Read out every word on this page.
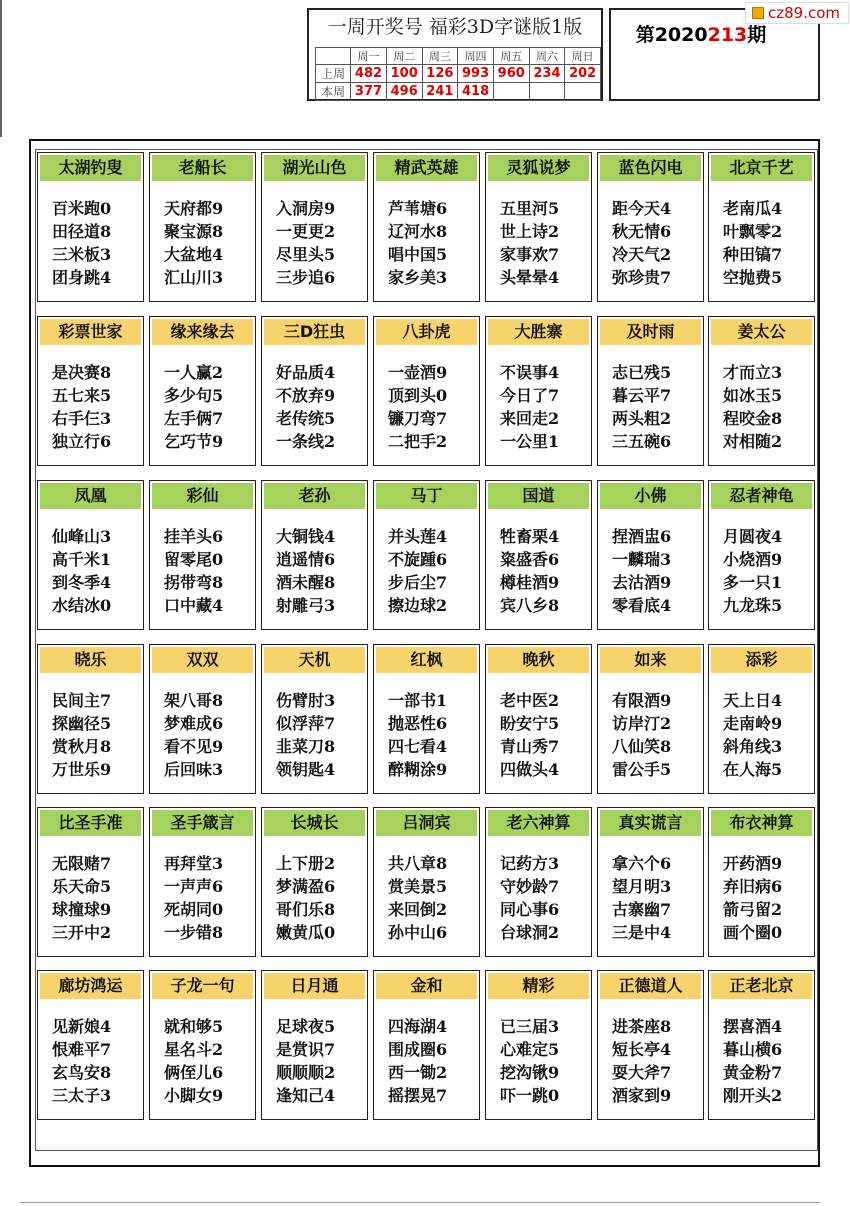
一周开奖号 福彩3D字谜版1版
	周一	周二	周三	周四	周五	周六	周日
上周	482	100	126	993	960	234	202
本周	377	496	241	418			
第2020213期
cz89.com
太湖钓叟
百米跑0
田径道8
三米板3
团身跳4
老船长
天府都9
聚宝源8
大盆地4
汇山川3
湖光山色
入洞房9
一更更2
尽里头5
三步追6
精武英雄
芦苇塘6
辽河水8
唱中国5
家乡美3
灵狐说梦
五里河5
世上诗2
家事欢7
头晕晕4
蓝色闪电
距今天4
秋无情6
冷天气2
弥珍贵7
北京千艺
老南瓜4
叶飘零2
种田镐7
空抛费5
彩票世家
是决赛8
五七来5
右手仨3
独立行6
缘来缘去
一人赢2
多少句5
左手俩7
乞巧节9
三D狂虫
好品质4
不放弃9
老传统5
一条线2
八卦虎
一壶酒9
顶到头0
镰刀弯7
二把手2
大胜寨
不误事4
今日了7
来回走2
一公里1
及时雨
志已残5
暮云平7
两头粗2
三五碗6
姜太公
才而立3
如冰玉5
程咬金8
对相随2
凤凰
仙峰山3
高千米1
到冬季4
水结冰0
彩仙
挂羊头6
留零尾0
拐带弯8
口中藏4
老孙
大铜钱4
逍遥情6
酒未醒8
射雕弓3
马丁
并头莲4
不旋踵6
步后尘7
擦边球2
国道
牲畜栗4
粢盛香6
樽桂酒9
宾八乡8
小佛
捏酒盅6
一麟瑞3
去沽酒9
零看底4
忍者神龟
月圆夜4
小烧酒9
多一只1
九龙珠5
晓乐
民间主7
探幽径5
赏秋月8
万世乐9
双双
架八哥8
梦难成6
看不见9
后回味3
天机
伤臂肘3
似浮萍7
韭菜刀8
领钥匙4
红枫
一部书1
抛恶性6
四七看4
醉糊涂9
晚秋
老中医2
盼安宁5
青山秀7
四做头4
如来
有限酒9
访岸汀2
八仙笑8
雷公手5
添彩
天上日4
走南岭9
斜角线3
在人海5
比圣手准
无限赌7
乐天命5
球撞球9
三开中2
圣手箴言
再拜堂3
一声声6
死胡同0
一步错8
长城长
上下册2
梦满盈6
哥们乐8
嫩黄瓜0
吕洞宾
共八章8
赏美景5
来回倒2
孙中山6
老六神算
记药方3
守妙龄7
同心事6
台球洞2
真实谎言
拿六个6
望月明3
古寨幽7
三是中4
布衣神算
开药酒9
弃旧病6
箭弓留2
画个圈0
廊坊鸿运
见新娘4
恨难平7
玄鸟安8
三太子3
子龙一句
就和够5
星名斗2
俩侄儿6
小脚女9
日月通
足球夜5
是赏识7
顺顺顺2
逢知己4
金和
四海湖4
围成圈6
西一锄2
摇摆晃7
精彩
已三届3
心难定5
挖沟锹9
吓一跳0
正德道人
进茶座8
短长亭4
耍大斧7
酒家到9
正老北京
摆喜酒4
暮山横6
黄金粉7
刚开头2
